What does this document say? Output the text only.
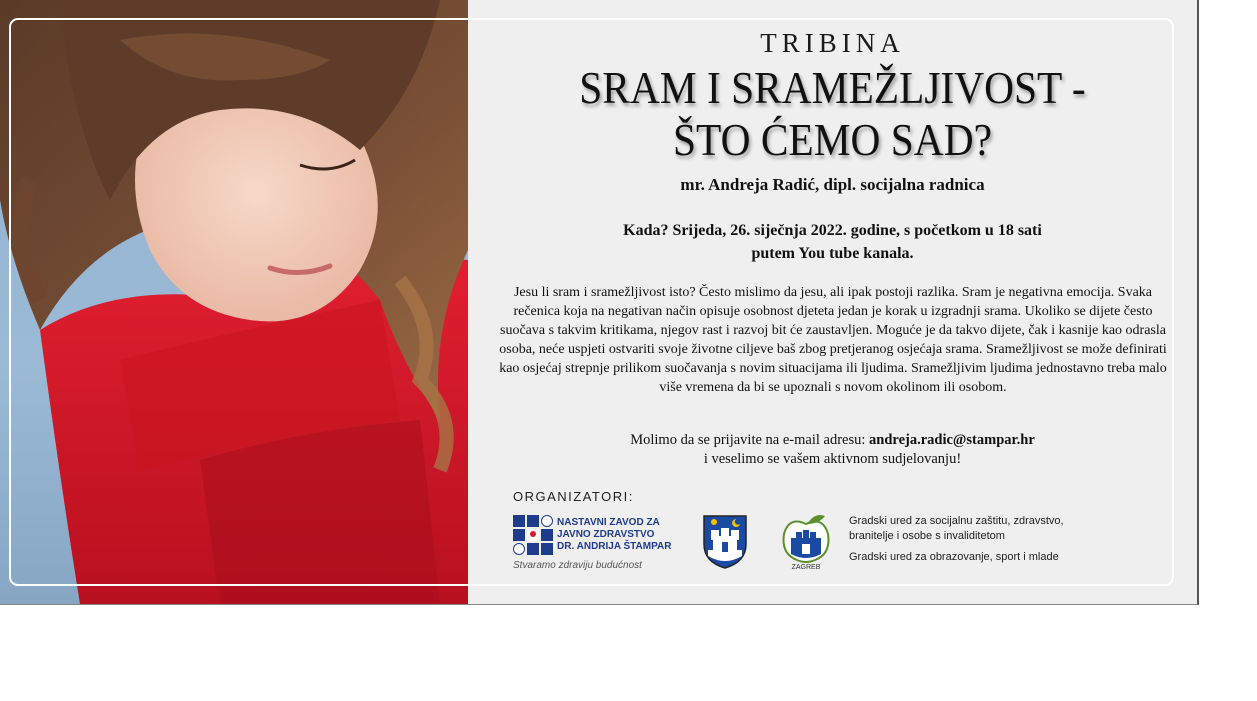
TRIBINA
SRAM I SRAMEŽLJIVOST -
ŠTO ĆEMO SAD?
mr. Andreja Radić, dipl. socijalna radnica
Kada? Srijeda, 26. siječnja 2022. godine, s početkom u 18 sati
putem You tube kanala.
Jesu li sram i sramežljivost isto? Često mislimo da jesu, ali ipak postoji razlika. Sram je negativna emocija. Svaka rečenica koja na negativan način opisuje osobnost djeteta jedan je korak u izgradnji srama. Ukoliko se dijete često suočava s takvim kritikama, njegov rast i razvoj bit će zaustavljen. Moguće je da takvo dijete, čak i kasnije kao odrasla osoba, neće uspjeti ostvariti svoje životne ciljeve baš zbog pretjeranog osjećaja srama. Sramežljivost se može definirati kao osjećaj strepnje prilikom suočavanja s novim situacijama ili ljudima. Sramežljivim ljudima jednostavno treba malo više vremena da bi se upoznali s novom okolinom ili osobom.
Molimo da se prijavite na e-mail adresu: andreja.radic@stampar.hr
i veselimo se vašem aktivnom sudjelovanju!
ORGANIZATORI:
NASTAVNI ZAVOD ZA
JAVNO ZDRAVSTVO
DR. ANDRIJA ŠTAMPAR
Stvaramo zdraviju budućnost	ZAGREB

Gradski ured za socijalnu zaštitu, zdravstvo, branitelje i osobe s invaliditetom

Gradski ured za obrazovanje, sport i mlade
